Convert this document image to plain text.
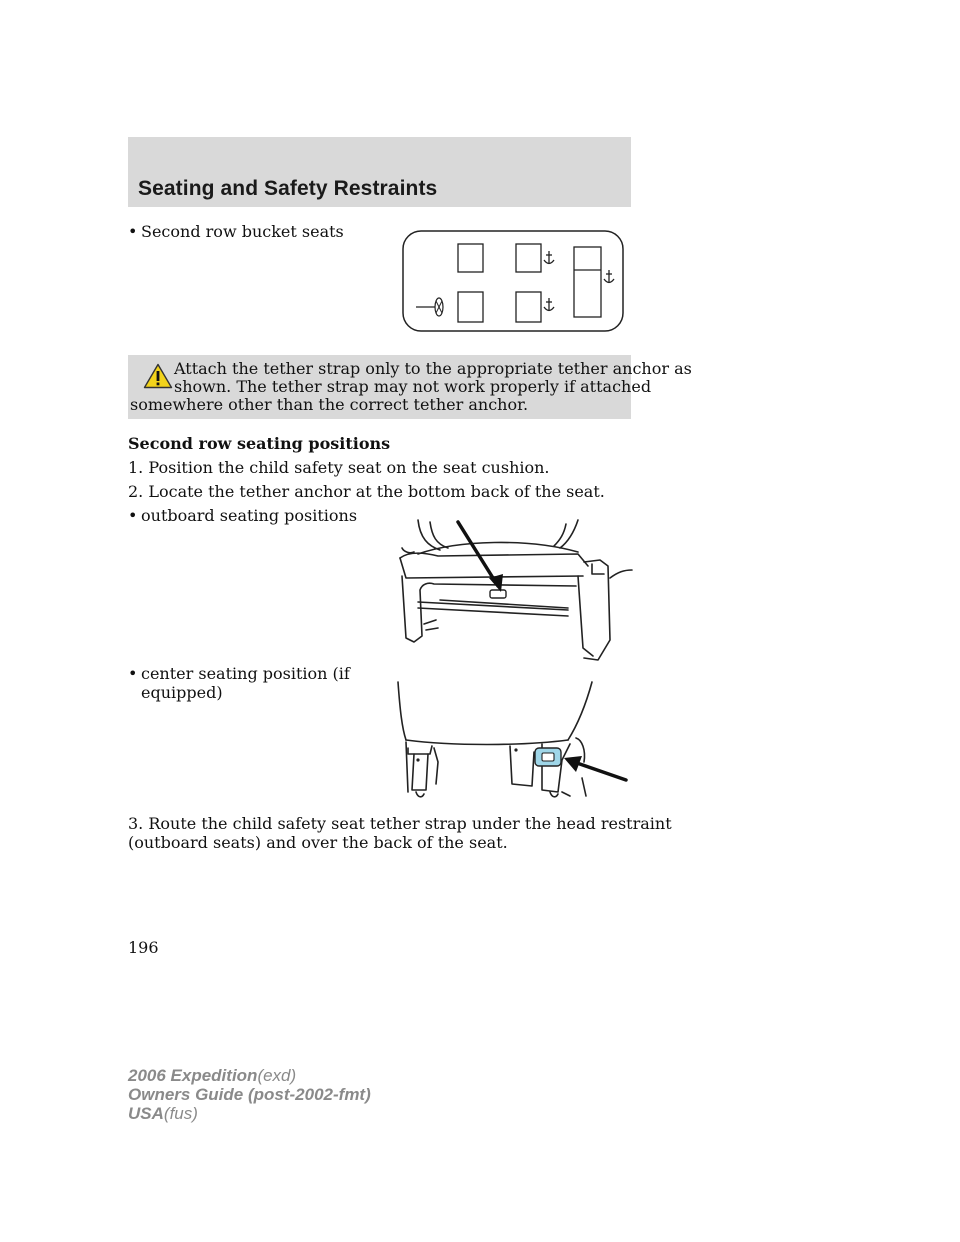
Seating and Safety Restraints
• Second row bucket seats
Attach the tether strap only to the appropriate tether anchor as
shown. The tether strap may not work properly if attached
somewhere other than the correct tether anchor.
Second row seating positions
1. Position the child safety seat on the seat cushion.
2. Locate the tether anchor at the bottom back of the seat.
• outboard seating positions
• center seating position (if
equipped)
3. Route the child safety seat tether strap under the head restraint
(outboard seats) and over the back of the seat.
196
2006 Expedition(exd)
Owners Guide (post-2002-fmt)
USA(fus)
